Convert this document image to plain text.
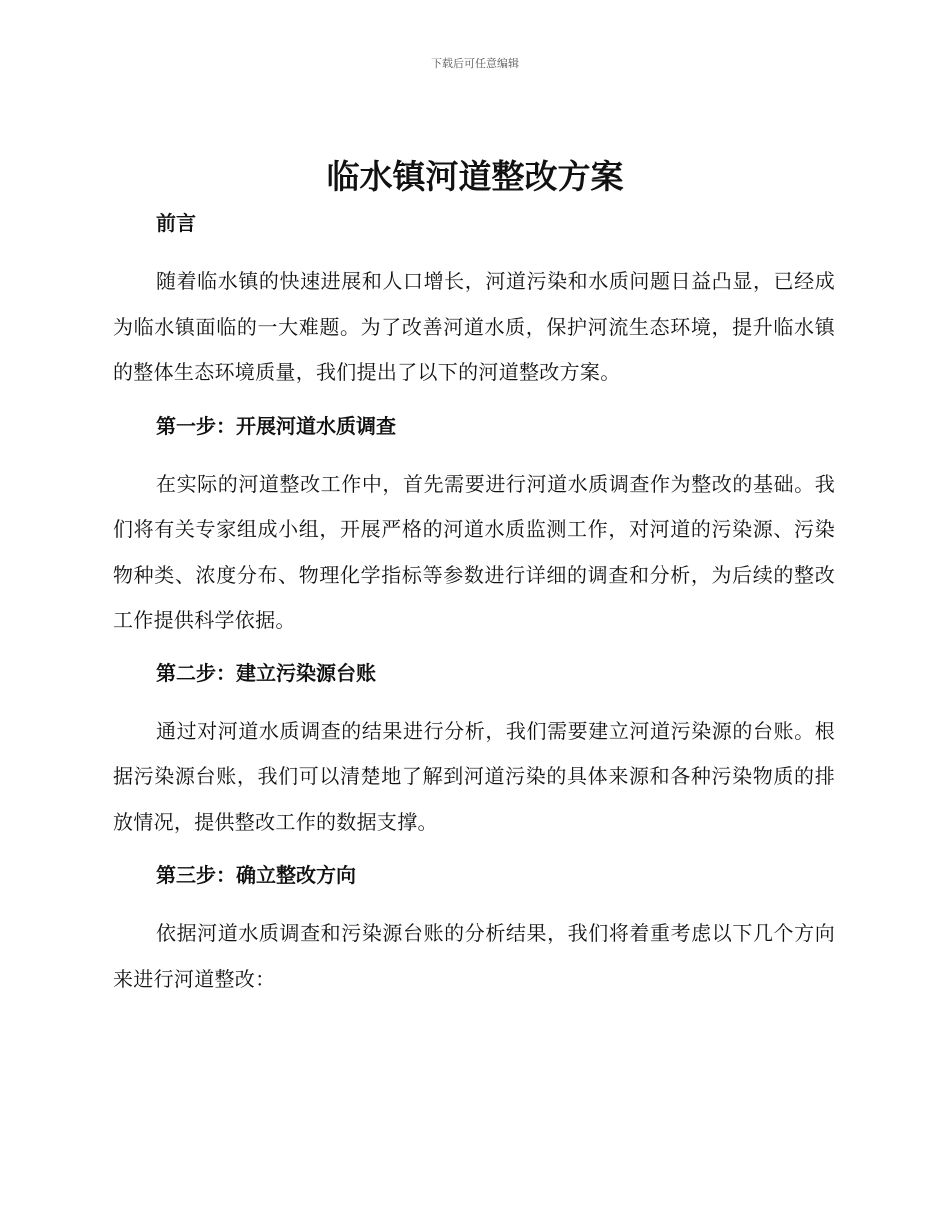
下载后可任意编辑
临水镇河道整改方案

前言

随着临水镇的快速进展和人口增长，河道污染和水质问题日益凸显，已经成为临水镇面临的一大难题。为了改善河道水质，保护河流生态环境，提升临水镇的整体生态环境质量，我们提出了以下的河道整改方案。

第一步：开展河道水质调查

在实际的河道整改工作中，首先需要进行河道水质调查作为整改的基础。我们将有关专家组成小组，开展严格的河道水质监测工作，对河道的污染源、污染物种类、浓度分布、物理化学指标等参数进行详细的调查和分析，为后续的整改工作提供科学依据。

第二步：建立污染源台账

通过对河道水质调查的结果进行分析，我们需要建立河道污染源的台账。根据污染源台账，我们可以清楚地了解到河道污染的具体来源和各种污染物质的排放情况，提供整改工作的数据支撑。

第三步：确立整改方向

依据河道水质调查和污染源台账的分析结果，我们将着重考虑以下几个方向来进行河道整改：
